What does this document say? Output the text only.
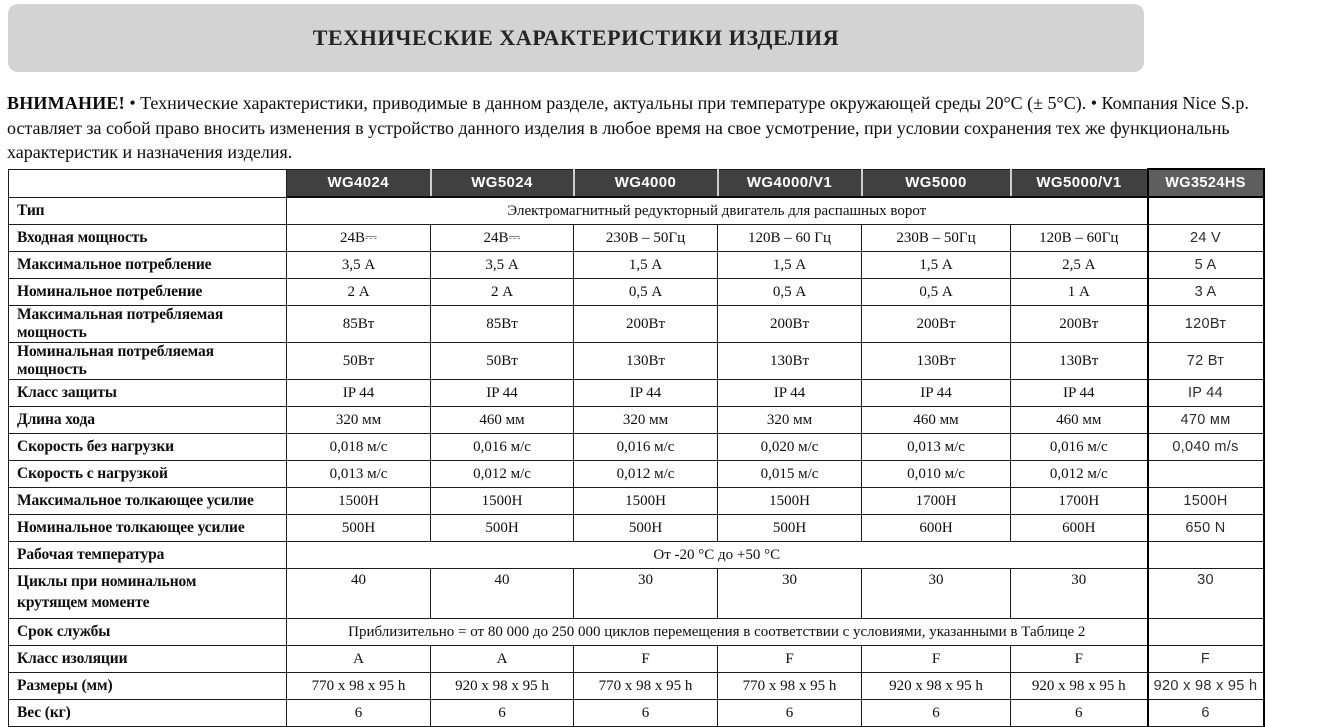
ТЕХНИЧЕСКИЕ ХАРАКТЕРИСТИКИ ИЗДЕЛИЯ
ВНИМАНИЕ! • Технические характеристики, приводимые в данном разделе, актуальны при температуре окружающей среды 20°C (± 5°C). • Компания Nice S.p.
оставляет за собой право вносить изменения в устройство данного изделия в любое время на свое усмотрение, при условии сохранения тех же функциональнь
характеристик и назначения изделия.
	WG4024	WG5024	WG4000	WG4000/V1	WG5000	WG5000/V1	WG3524HS
Тип	Электромагнитный редукторный двигатель для распашных ворот						
Входная мощность	24В⎓	24В⎓	230В – 50Гц	120В – 60 Гц	230В – 50Гц	120В – 60Гц	24 V
Максимальное потребление	3,5 А	3,5 А	1,5 А	1,5 А	1,5 А	2,5 А	5 A
Номинальное потребление	2 А	2 А	0,5 А	0,5 А	0,5 А	1 А	3 A
Максимальная потребляемая мощность	85Вт	85Вт	200Вт	200Вт	200Вт	200Вт	120Вт
Номинальная потребляемая мощность	50Вт	50Вт	130Вт	130Вт	130Вт	130Вт	72 Вт
Класс защиты	IP 44	IP 44	IP 44	IP 44	IP 44	IP 44	IP 44
Длина хода	320 мм	460 мм	320 мм	320 мм	460 мм	460 мм	470 мм
Скорость без нагрузки	0,018 м/с	0,016 м/с	0,016 м/с	0,020 м/с	0,013 м/с	0,016 м/с	0,040 m/s
Скорость с нагрузкой	0,013 м/с	0,012 м/с	0,012 м/с	0,015 м/с	0,010 м/с	0,012 м/с	
Максимальное толкающее усилие	1500Н	1500Н	1500Н	1500Н	1700Н	1700Н	1500Н
Номинальное толкающее усилие	500Н	500Н	500Н	500Н	600Н	600Н	650 N
Рабочая температура	От -20 °С до +50 °С						
Циклы при номинальном крутящем моменте	40	40	30	30	30	30	30
Срок службы	Приблизительно = от 80 000 до 250 000 циклов перемещения в соответствии с условиями, указанными в Таблице 2						
Класс изоляции	A	A	F	F	F	F	F
Размеры (мм)	770 x 98 x 95 h	920 x 98 x 95 h	770 x 98 x 95 h	770 x 98 x 95 h	920 x 98 x 95 h	920 x 98 x 95 h	920 x 98 x 95 h
Вес (кг)	6	6	6	6	6	6	6
